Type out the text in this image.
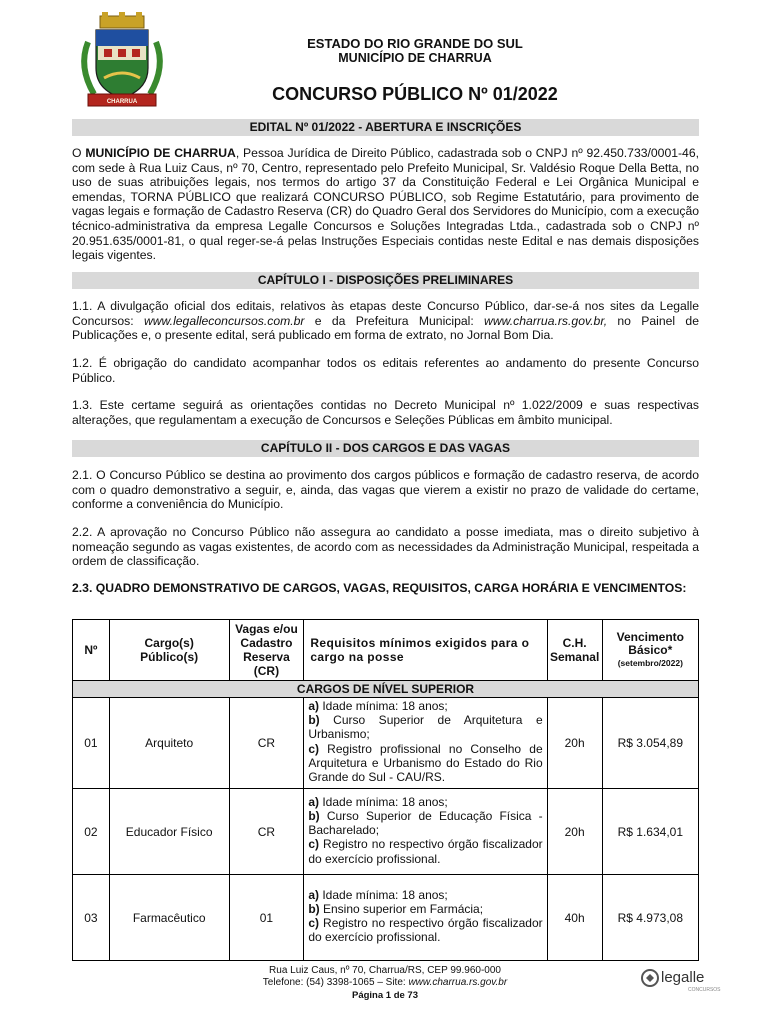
CHARRUA
ESTADO DO RIO GRANDE DO SUL
MUNICÍPIO DE CHARRUA
CONCURSO PÚBLICO Nº 01/2022
EDITAL Nº 01/2022 - ABERTURA E INSCRIÇÕES
O MUNICÍPIO DE CHARRUA, Pessoa Jurídica de Direito Público, cadastrada sob o CNPJ nº 92.450.733/0001-46, com sede à Rua Luiz Caus, nº 70, Centro, representado pelo Prefeito Municipal, Sr. Valdésio Roque Della Betta, no uso de suas atribuições legais, nos termos do artigo 37 da Constituição Federal e Lei Orgânica Municipal e emendas, TORNA PÚBLICO que realizará CONCURSO PÚBLICO, sob Regime Estatutário, para provimento de vagas legais e formação de Cadastro Reserva (CR) do Quadro Geral dos Servidores do Município, com a execução técnico-administrativa da empresa Legalle Concursos e Soluções Integradas Ltda., cadastrada sob o CNPJ nº 20.951.635/0001-81, o qual reger-se-á pelas Instruções Especiais contidas neste Edital e nas demais disposições legais vigentes.
CAPÍTULO I - DISPOSIÇÕES PRELIMINARES
1.1. A divulgação oficial dos editais, relativos às etapas deste Concurso Público, dar-se-á nos sites da Legalle Concursos: www.legalleconcursos.com.br e da Prefeitura Municipal: www.charrua.rs.gov.br, no Painel de Publicações e, o presente edital, será publicado em forma de extrato, no Jornal Bom Dia.
1.2. É obrigação do candidato acompanhar todos os editais referentes ao andamento do presente Concurso Público.
1.3. Este certame seguirá as orientações contidas no Decreto Municipal nº 1.022/2009 e suas respectivas alterações, que regulamentam a execução de Concursos e Seleções Públicas em âmbito municipal.
CAPÍTULO II - DOS CARGOS E DAS VAGAS
2.1. O Concurso Público se destina ao provimento dos cargos públicos e formação de cadastro reserva, de acordo com o quadro demonstrativo a seguir, e, ainda, das vagas que vierem a existir no prazo de validade do certame, conforme a conveniência do Município.
2.2. A aprovação no Concurso Público não assegura ao candidato a posse imediata, mas o direito subjetivo à nomeação segundo as vagas existentes, de acordo com as necessidades da Administração Municipal, respeitada a ordem de classificação.
2.3. QUADRO DEMONSTRATIVO DE CARGOS, VAGAS, REQUISITOS, CARGA HORÁRIA E VENCIMENTOS:
Nº	Cargo(s) Público(s)	Vagas e/ou Cadastro Reserva (CR)	Requisitos mínimos exigidos para o cargo na posse	C.H. Semanal	Vencimento Básico*
(setembro/2022)

CARGOS DE NÍVEL SUPERIOR					
01	Arquiteto	CR	a) Idade mínima: 18 anos;
b) Curso Superior de Arquitetura e Urbanismo;
c) Registro profissional no Conselho de Arquitetura e Urbanismo do Estado do Rio Grande do Sul - CAU/RS.	20h	R$ 3.054,89
02	Educador Físico	CR	a) Idade mínima: 18 anos;
b) Curso Superior de Educação Física - Bacharelado;
c) Registro no respectivo órgão fiscalizador do exercício profissional.	20h	R$ 1.634,01
03	Farmacêutico	01	a) Idade mínima: 18 anos;
b) Ensino superior em Farmácia;
c) Registro no respectivo órgão fiscalizador do exercício profissional.	40h	R$ 4.973,08
Rua Luiz Caus, nº 70, Charrua/RS, CEP 99.960-000
Telefone: (54) 3398-1065 – Site: www.charrua.rs.gov.br
Página 1 de 73
legalle
CONCURSOS
